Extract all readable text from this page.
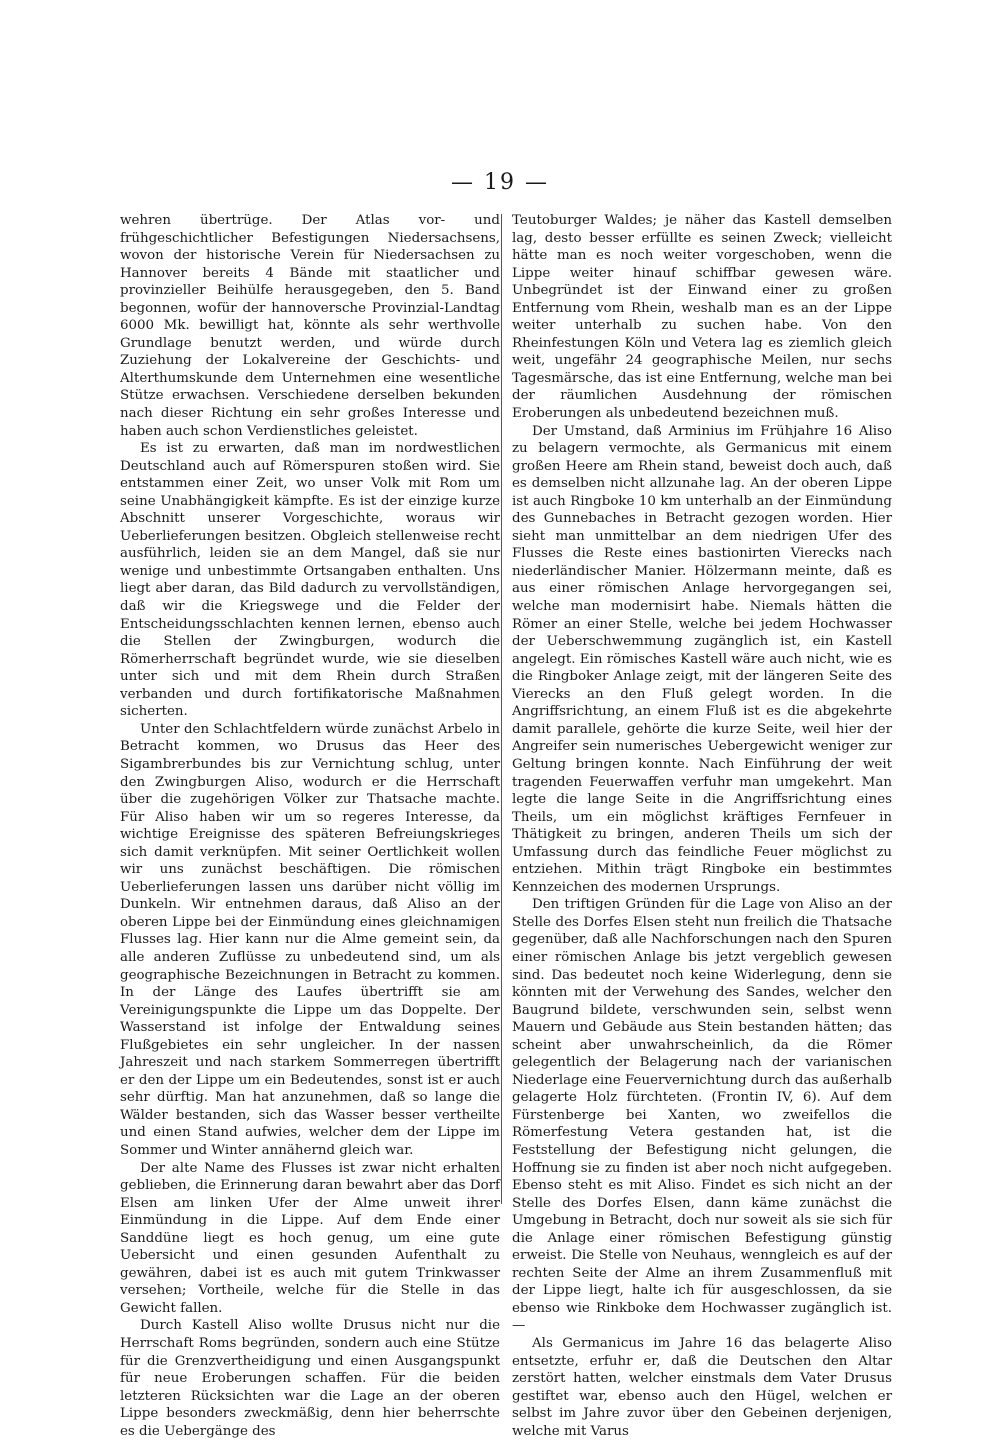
— 19 —

wehren übertrüge. Der Atlas vor- und frühgeschichtlicher Befestigungen Niedersachsens, wovon der historische Verein für Niedersachsen zu Hannover bereits 4 Bände mit staatlicher und provinzieller Beihülfe herausgegeben, den 5. Band begonnen, wofür der hannoversche Provinzial-Landtag 6000 Mk. bewilligt hat, könnte als sehr werthvolle Grundlage benutzt werden, und würde durch Zuziehung der Lokalvereine der Geschichts- und Alterthumskunde dem Unternehmen eine wesentliche Stütze erwachsen. Verschiedene derselben bekunden nach dieser Richtung ein sehr großes Interesse und haben auch schon Verdienstliches geleistet.

Es ist zu erwarten, daß man im nordwestlichen Deutschland auch auf Römerspuren stoßen wird. Sie entstammen einer Zeit, wo unser Volk mit Rom um seine Unabhängigkeit kämpfte. Es ist der einzige kurze Abschnitt unserer Vorgeschichte, woraus wir Ueberlieferungen besitzen. Obgleich stellenweise recht ausführlich, leiden sie an dem Mangel, daß sie nur wenige und unbestimmte Ortsangaben enthalten. Uns liegt aber daran, das Bild dadurch zu vervollständigen, daß wir die Kriegswege und die Felder der Entscheidungsschlachten kennen lernen, ebenso auch die Stellen der Zwingburgen, wodurch die Römerherrschaft begründet wurde, wie sie dieselben unter sich und mit dem Rhein durch Straßen verbanden und durch fortifikatorische Maßnahmen sicherten.

Unter den Schlachtfeldern würde zunächst Arbelo in Betracht kommen, wo Drusus das Heer des Sigambrerbundes bis zur Vernichtung schlug, unter den Zwingburgen Aliso, wodurch er die Herrschaft über die zugehörigen Völker zur Thatsache machte. Für Aliso haben wir um so regeres Interesse, da wichtige Ereignisse des späteren Befreiungskrieges sich damit verknüpfen. Mit seiner Oertlichkeit wollen wir uns zunächst beschäftigen. Die römischen Ueberlieferungen lassen uns darüber nicht völlig im Dunkeln. Wir entnehmen daraus, daß Aliso an der oberen Lippe bei der Einmündung eines gleichnamigen Flusses lag. Hier kann nur die Alme gemeint sein, da alle anderen Zuflüsse zu unbedeutend sind, um als geographische Bezeichnungen in Betracht zu kommen. In der Länge des Laufes übertrifft sie am Vereinigungspunkte die Lippe um das Doppelte. Der Wasserstand ist infolge der Entwaldung seines Flußgebietes ein sehr ungleicher. In der nassen Jahreszeit und nach starkem Sommerregen übertrifft er den der Lippe um ein Bedeutendes, sonst ist er auch sehr dürftig. Man hat anzunehmen, daß so lange die Wälder bestanden, sich das Wasser besser vertheilte und einen Stand aufwies, welcher dem der Lippe im Sommer und Winter annähernd gleich war.

Der alte Name des Flusses ist zwar nicht erhalten geblieben, die Erinnerung daran bewahrt aber das Dorf Elsen am linken Ufer der Alme unweit ihrer Einmündung in die Lippe. Auf dem Ende einer Sanddüne liegt es hoch genug, um eine gute Uebersicht und einen gesunden Aufenthalt zu gewähren, dabei ist es auch mit gutem Trinkwasser versehen; Vortheile, welche für die Stelle in das Gewicht fallen.

Durch Kastell Aliso wollte Drusus nicht nur die Herrschaft Roms begründen, sondern auch eine Stütze für die Grenzvertheidigung und einen Ausgangspunkt für neue Eroberungen schaffen. Für die beiden letzteren Rücksichten war die Lage an der oberen Lippe besonders zweckmäßig, denn hier beherrschte es die Uebergänge des

Teutoburger Waldes; je näher das Kastell demselben lag, desto besser erfüllte es seinen Zweck; vielleicht hätte man es noch weiter vorgeschoben, wenn die Lippe weiter hinauf schiffbar gewesen wäre. Unbegründet ist der Einwand einer zu großen Entfernung vom Rhein, weshalb man es an der Lippe weiter unterhalb zu suchen habe. Von den Rheinfestungen Köln und Vetera lag es ziemlich gleich weit, ungefähr 24 geographische Meilen, nur sechs Tagesmärsche, das ist eine Entfernung, welche man bei der räumlichen Ausdehnung der römischen Eroberungen als unbedeutend bezeichnen muß.

Der Umstand, daß Arminius im Frühjahre 16 Aliso zu belagern vermochte, als Germanicus mit einem großen Heere am Rhein stand, beweist doch auch, daß es demselben nicht allzunahe lag. An der oberen Lippe ist auch Ringboke 10 km unterhalb an der Einmündung des Gunnebaches in Betracht gezogen worden. Hier sieht man unmittelbar an dem niedrigen Ufer des Flusses die Reste eines bastionirten Vierecks nach niederländischer Manier. Hölzermann meinte, daß es aus einer römischen Anlage hervorgegangen sei, welche man modernisirt habe. Niemals hätten die Römer an einer Stelle, welche bei jedem Hochwasser der Ueberschwemmung zugänglich ist, ein Kastell angelegt. Ein römisches Kastell wäre auch nicht, wie es die Ringboker Anlage zeigt, mit der längeren Seite des Vierecks an den Fluß gelegt worden. In die Angriffsrichtung, an einem Fluß ist es die abgekehrte damit parallele, gehörte die kurze Seite, weil hier der Angreifer sein numerisches Uebergewicht weniger zur Geltung bringen konnte. Nach Einführung der weit tragenden Feuerwaffen verfuhr man umgekehrt. Man legte die lange Seite in die Angriffsrichtung eines Theils, um ein möglichst kräftiges Fernfeuer in Thätigkeit zu bringen, anderen Theils um sich der Umfassung durch das feindliche Feuer möglichst zu entziehen. Mithin trägt Ringboke ein bestimmtes Kennzeichen des modernen Ursprungs.

Den triftigen Gründen für die Lage von Aliso an der Stelle des Dorfes Elsen steht nun freilich die Thatsache gegenüber, daß alle Nachforschungen nach den Spuren einer römischen Anlage bis jetzt vergeblich gewesen sind. Das bedeutet noch keine Widerlegung, denn sie könnten mit der Verwehung des Sandes, welcher den Baugrund bildete, verschwunden sein, selbst wenn Mauern und Gebäude aus Stein bestanden hätten; das scheint aber unwahrscheinlich, da die Römer gelegentlich der Belagerung nach der varianischen Niederlage eine Feuervernichtung durch das außerhalb gelagerte Holz fürchteten. (Frontin IV, 6). Auf dem Fürstenberge bei Xanten, wo zweifellos die Römerfestung Vetera gestanden hat, ist die Feststellung der Befestigung nicht gelungen, die Hoffnung sie zu finden ist aber noch nicht aufgegeben. Ebenso steht es mit Aliso. Findet es sich nicht an der Stelle des Dorfes Elsen, dann käme zunächst die Umgebung in Betracht, doch nur soweit als sie sich für die Anlage einer römischen Befestigung günstig erweist. Die Stelle von Neuhaus, wenngleich es auf der rechten Seite der Alme an ihrem Zusammenfluß mit der Lippe liegt, halte ich für ausgeschlossen, da sie ebenso wie Rinkboke dem Hochwasser zugänglich ist. —

Als Germanicus im Jahre 16 das belagerte Aliso entsetzte, erfuhr er, daß die Deutschen den Altar zerstört hatten, welcher einstmals dem Vater Drusus gestiftet war, ebenso auch den Hügel, welchen er selbst im Jahre zuvor über den Gebeinen derjenigen, welche mit Varus
